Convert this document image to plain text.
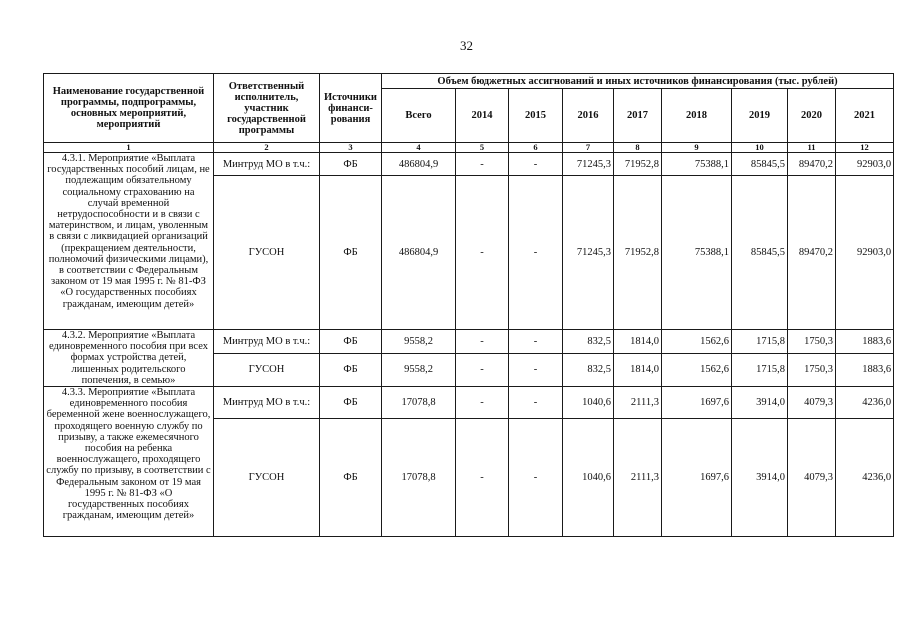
32
Наименование государственной программы, подпрограммы, основных мероприятий, мероприятий	Ответственный исполнитель, участник государственной программы	Источники финанси-рования	Объем бюджетных ассигнований и иных источников финансирования (тыс. рублей)								
			Всего	2014	2015	2016	2017	2018	2019	2020	2021
1	2	3	4	5	6	7	8	9	10	11	12
4.3.1. Мероприятие «Выплата государственных пособий лицам, не подлежащим обязательному социальному страхованию на случай временной нетрудоспособности и в связи с материнством, и лицам, уволенным в связи с ликвидацией организаций (прекращением деятельности, полномочий физическими лицами), в соответствии с Федеральным законом от 19 мая 1995 г. № 81-ФЗ «О государственных пособиях гражданам, имеющим детей»	Минтруд МО в т.ч.:	ФБ	486804,9	-	-	71245,3	71952,8	75388,1	85845,5	89470,2	92903,0
	ГУСОН	ФБ	486804,9	-	-	71245,3	71952,8	75388,1	85845,5	89470,2	92903,0
4.3.2. Мероприятие «Выплата единовременного пособия при всех формах устройства детей, лишенных родительского попечения, в семью»	Минтруд МО в т.ч.:	ФБ	9558,2	-	-	832,5	1814,0	1562,6	1715,8	1750,3	1883,6
	ГУСОН	ФБ	9558,2	-	-	832,5	1814,0	1562,6	1715,8	1750,3	1883,6
4.3.3. Мероприятие «Выплата единовременного пособия беременной жене военнослужащего, проходящего военную службу по призыву, а также ежемесячного пособия на ребенка военнослужащего, проходящего службу по призыву, в соответствии с Федеральным законом от 19 мая 1995 г. № 81-ФЗ «О государственных пособиях гражданам, имеющим детей»	Минтруд МО в т.ч.:	ФБ	17078,8	-	-	1040,6	2111,3	1697,6	3914,0	4079,3	4236,0
	ГУСОН	ФБ	17078,8	-	-	1040,6	2111,3	1697,6	3914,0	4079,3	4236,0
